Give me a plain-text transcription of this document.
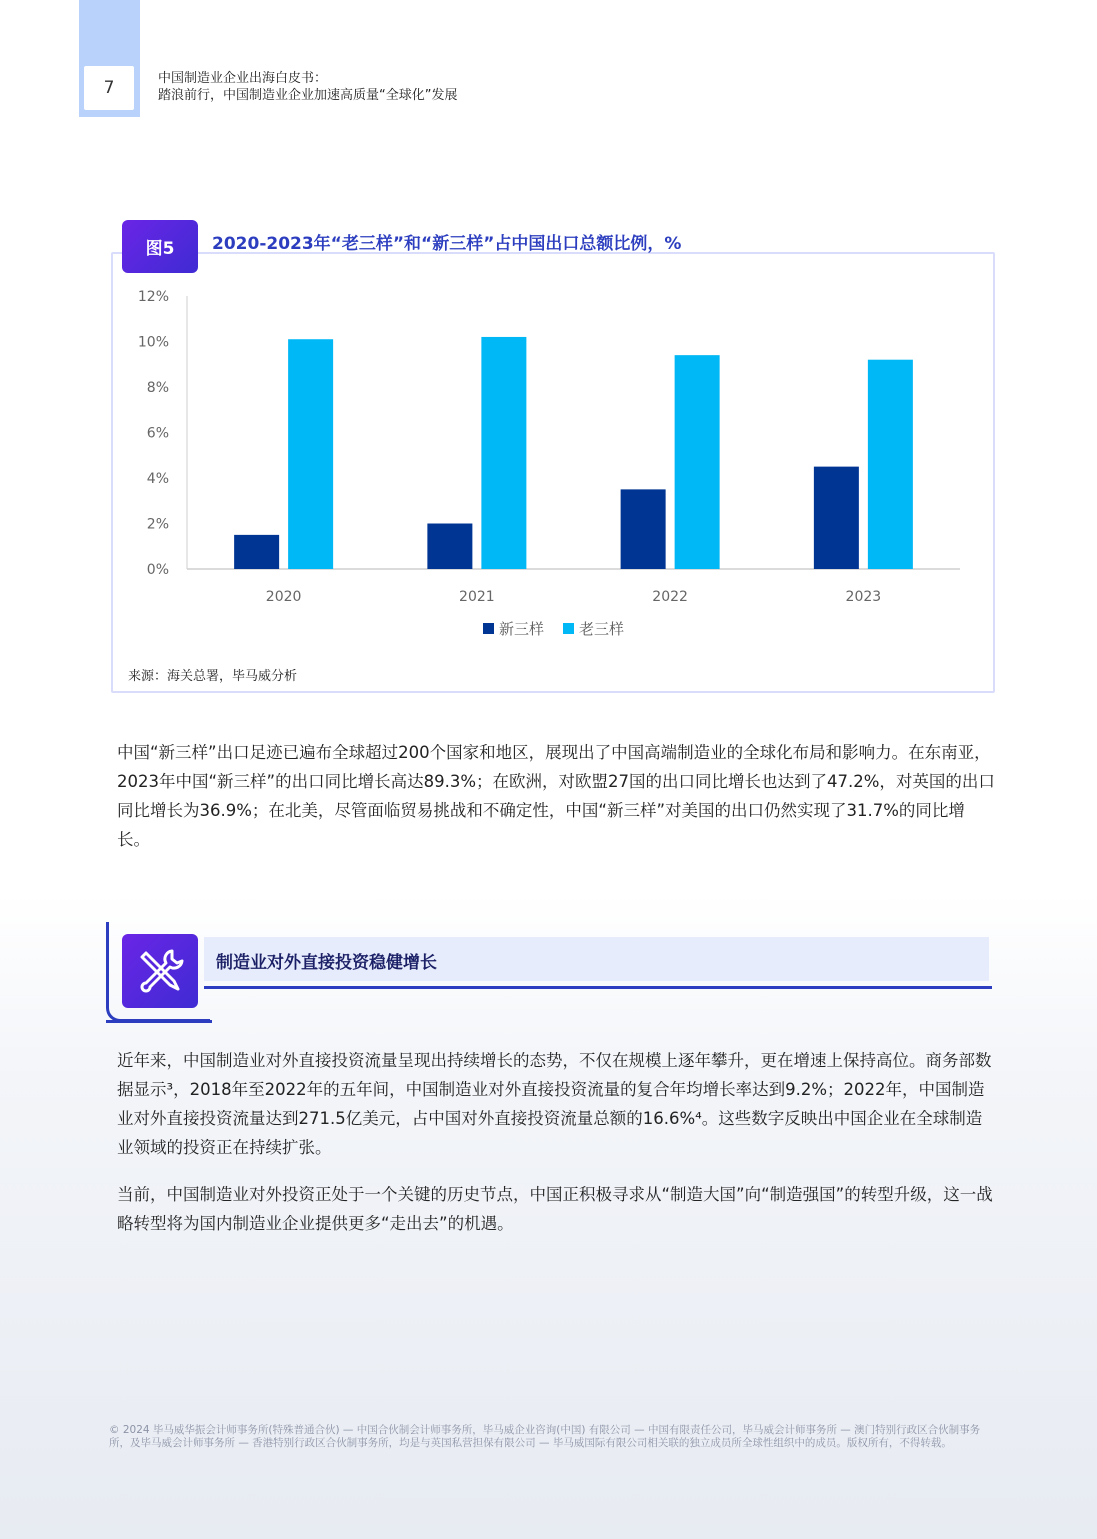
7	中国制造业企业出海白皮书：
踏浪前行，中国制造业企业加速高质量“全球化”发展
0%
2%
4%
6%
8%
10%
12%
2020	2021	2022	2023
新三样 老三样
图5	2020-2023年“老三样”和“新三样”占中国出口总额比例，%
来源：海关总署，毕马威分析

中国“新三样”出口足迹已遍布全球超过200个国家和地区，展现出了中国高端制造业的全球化布局和影响力。在东南亚，2023年中国“新三样”的出口同比增长高达89.3%；在欧洲，对欧盟27国的出口同比增长也达到了47.2%，对英国的出口同比增长为36.9%；在北美，尽管面临贸易挑战和不确定性，中国“新三样”对美国的出口仍然实现了31.7%的同比增长。

制造业对外直接投资稳健增长

近年来，中国制造业对外直接投资流量呈现出持续增长的态势，不仅在规模上逐年攀升，更在增速上保持高位。商务部数据显示³，2018年至2022年的五年间，中国制造业对外直接投资流量的复合年均增长率达到9.2%；2022年，中国制造业对外直接投资流量达到271.5亿美元，占中国对外直接投资流量总额的16.6%⁴。这些数字反映出中国企业在全球制造业领域的投资正在持续扩张。

当前，中国制造业对外投资正处于一个关键的历史节点，中国正积极寻求从“制造大国”向“制造强国”的转型升级，这一战略转型将为国内制造业企业提供更多“走出去”的机遇。

© 2024 毕马威华振会计师事务所(特殊普通合伙) — 中国合伙制会计师事务所，毕马威企业咨询(中国) 有限公司 — 中国有限责任公司，毕马威会计师事务所 — 澳门特别行政区合伙制事务所，及毕马威会计师事务所 — 香港特别行政区合伙制事务所，均是与英国私营担保有限公司 — 毕马威国际有限公司相关联的独立成员所全球性组织中的成员。版权所有，不得转载。
